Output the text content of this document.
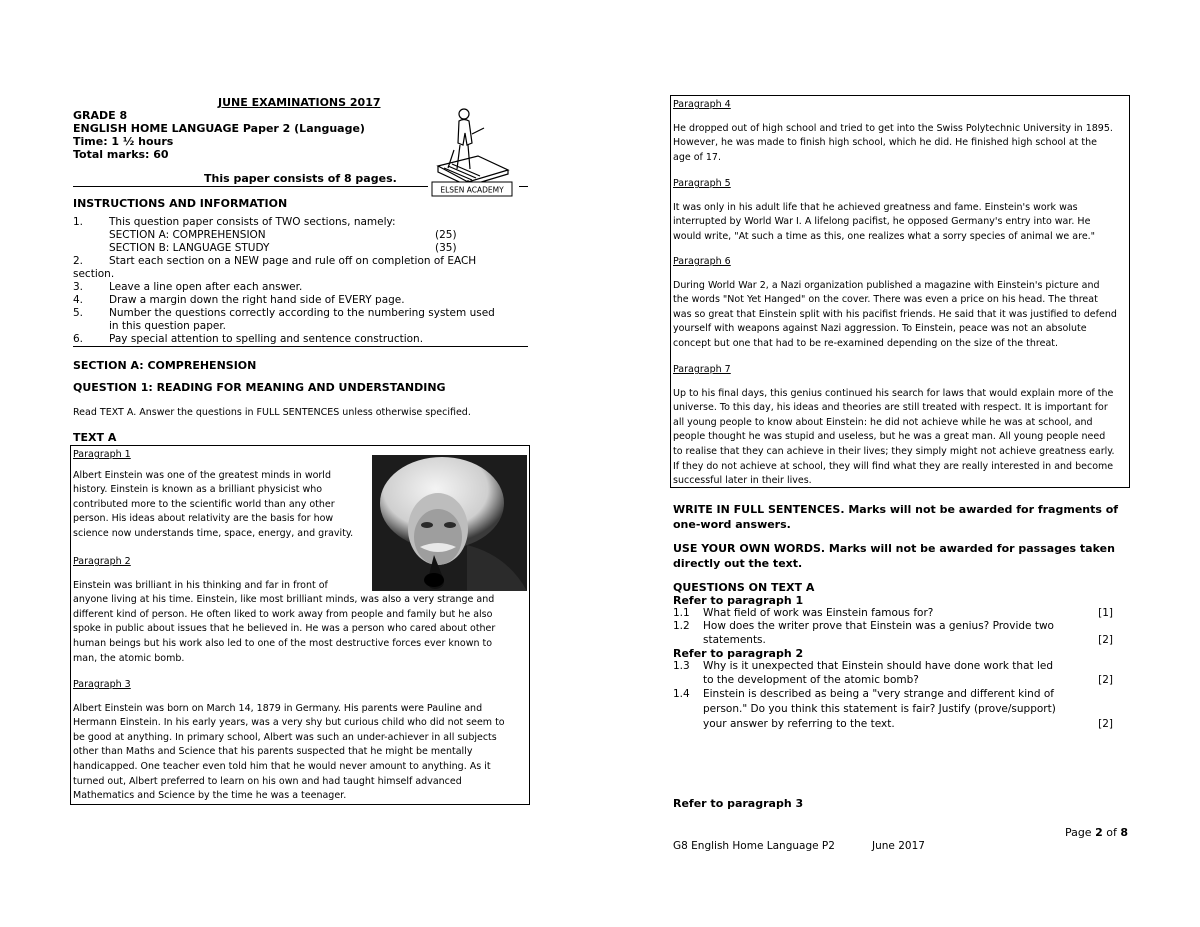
JUNE EXAMINATIONS 2017
GRADE 8
ENGLISH HOME LANGUAGE Paper 2 (Language)
Time: 1 ½ hours
Total marks: 60
ELSEN ACADEMY
This paper consists of 8 pages.
INSTRUCTIONS AND INFORMATION
1. This question paper consists of TWO sections, namely:
SECTION A: COMPREHENSION	(25)
SECTION B: LANGUAGE STUDY	(35)
2. Start each section on a NEW page and rule off on completion of EACH
section.
3. Leave a line open after each answer.
4. Draw a margin down the right hand side of EVERY page.
5. Number the questions correctly according to the numbering system used
in this question paper.
6. Pay special attention to spelling and sentence construction.
SECTION A: COMPREHENSION
QUESTION 1: READING FOR MEANING AND UNDERSTANDING
Read TEXT A. Answer the questions in FULL SENTENCES unless otherwise specified.
TEXT A
Paragraph 1
Albert Einstein was one of the greatest minds in world
history. Einstein is known as a brilliant physicist who
contributed more to the scientific world than any other
person. His ideas about relativity are the basis for how
science now understands time, space, energy, and gravity.
Paragraph 2
Einstein was brilliant in his thinking and far in front of
anyone living at his time. Einstein, like most brilliant minds, was also a very strange and
different kind of person. He often liked to work away from people and family but he also
spoke in public about issues that he believed in. He was a person who cared about other
human beings but his work also led to one of the most destructive forces ever known to
man, the atomic bomb.
Paragraph 3
Albert Einstein was born on March 14, 1879 in Germany. His parents were Pauline and
Hermann Einstein. In his early years, was a very shy but curious child who did not seem to
be good at anything. In primary school, Albert was such an under-achiever in all subjects
other than Maths and Science that his parents suspected that he might be mentally
handicapped. One teacher even told him that he would never amount to anything. As it
turned out, Albert preferred to learn on his own and had taught himself advanced
Mathematics and Science by the time he was a teenager.
Paragraph 4
He dropped out of high school and tried to get into the Swiss Polytechnic University in 1895.
However, he was made to finish high school, which he did. He finished high school at the
age of 17.
Paragraph 5
It was only in his adult life that he achieved greatness and fame. Einstein's work was
interrupted by World War I. A lifelong pacifist, he opposed Germany's entry into war. He
would write, "At such a time as this, one realizes what a sorry species of animal we are."
Paragraph 6
During World War 2, a Nazi organization published a magazine with Einstein's picture and
the words "Not Yet Hanged" on the cover. There was even a price on his head. The threat
was so great that Einstein split with his pacifist friends. He said that it was justified to defend
yourself with weapons against Nazi aggression. To Einstein, peace was not an absolute
concept but one that had to be re-examined depending on the size of the threat.
Paragraph 7
Up to his final days, this genius continued his search for laws that would explain more of the
universe. To this day, his ideas and theories are still treated with respect. It is important for
all young people to know about Einstein: he did not achieve while he was at school, and
people thought he was stupid and useless, but he was a great man. All young people need
to realise that they can achieve in their lives; they simply might not achieve greatness early.
If they do not achieve at school, they will find what they are really interested in and become
successful later in their lives.
WRITE IN FULL SENTENCES. Marks will not be awarded for fragments of
one-word answers.
USE YOUR OWN WORDS. Marks will not be awarded for passages taken
directly out the text.
QUESTIONS ON TEXT A
Refer to paragraph 1
1.1 What field of work was Einstein famous for?	[1]
1.2 How does the writer prove that Einstein was a genius? Provide two
statements.	[2]
Refer to paragraph 2
1.3 Why is it unexpected that Einstein should have done work that led
to the development of the atomic bomb?	[2]
1.4 Einstein is described as being a "very strange and different kind of
person." Do you think this statement is fair? Justify (prove/support)
your answer by referring to the text.	[2]
Refer to paragraph 3
Page 2 of 8
G8 English Home Language P2	June 2017
